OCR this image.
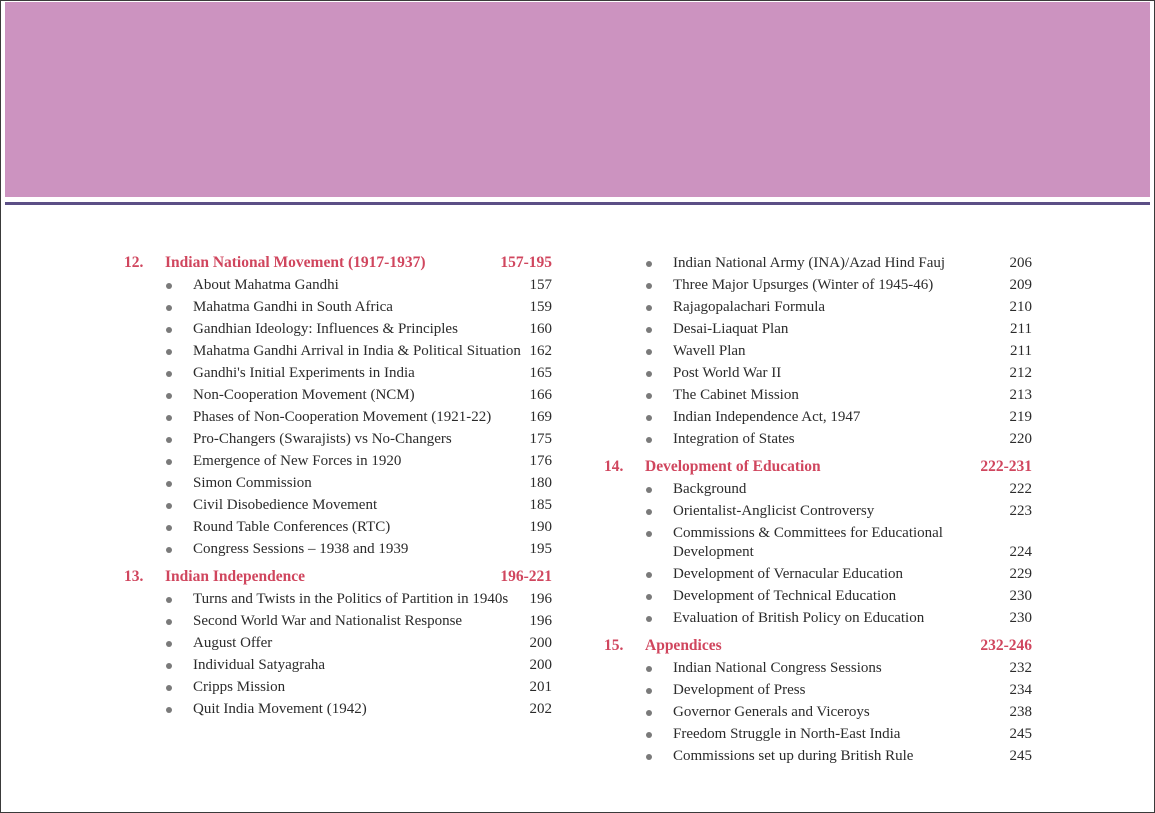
12.	Indian National Movement (1917-1937)	157-195
About Mahatma Gandhi	157
Mahatma Gandhi in South Africa	159
Gandhian Ideology: Influences & Principles	160
Mahatma Gandhi Arrival in India & Political Situation 162
Gandhi's Initial Experiments in India	165
Non-Cooperation Movement (NCM)	166
Phases of Non-Cooperation Movement (1921-22)	169
Pro-Changers (Swarajists) vs No-Changers	175
Emergence of New Forces in 1920	176
Simon Commission	180
Civil Disobedience Movement	185
Round Table Conferences (RTC)	190
Congress Sessions – 1938 and 1939	195
13.	Indian Independence	196-221
Turns and Twists in the Politics of Partition in 1940s	196
Second World War and Nationalist Response	196
August Offer	200
Individual Satyagraha	200
Cripps Mission	201
Quit India Movement (1942)	202
Indian National Army (INA)/Azad Hind Fauj	206
Three Major Upsurges (Winter of 1945-46)	209
Rajagopalachari Formula	210
Desai-Liaquat Plan	211
Wavell Plan	211
Post World War II	212
The Cabinet Mission	213
Indian Independence Act, 1947	219
Integration of States	220
14.	Development of Education	222-231
Background	222
Orientalist-Anglicist Controversy	223
Commissions & Committees for Educational Development	224
Development of Vernacular Education	229
Development of Technical Education	230
Evaluation of British Policy on Education	230
15.	Appendices	232-246
Indian National Congress Sessions	232
Development of Press	234
Governor Generals and Viceroys	238
Freedom Struggle in North-East India	245
Commissions set up during British Rule	245
